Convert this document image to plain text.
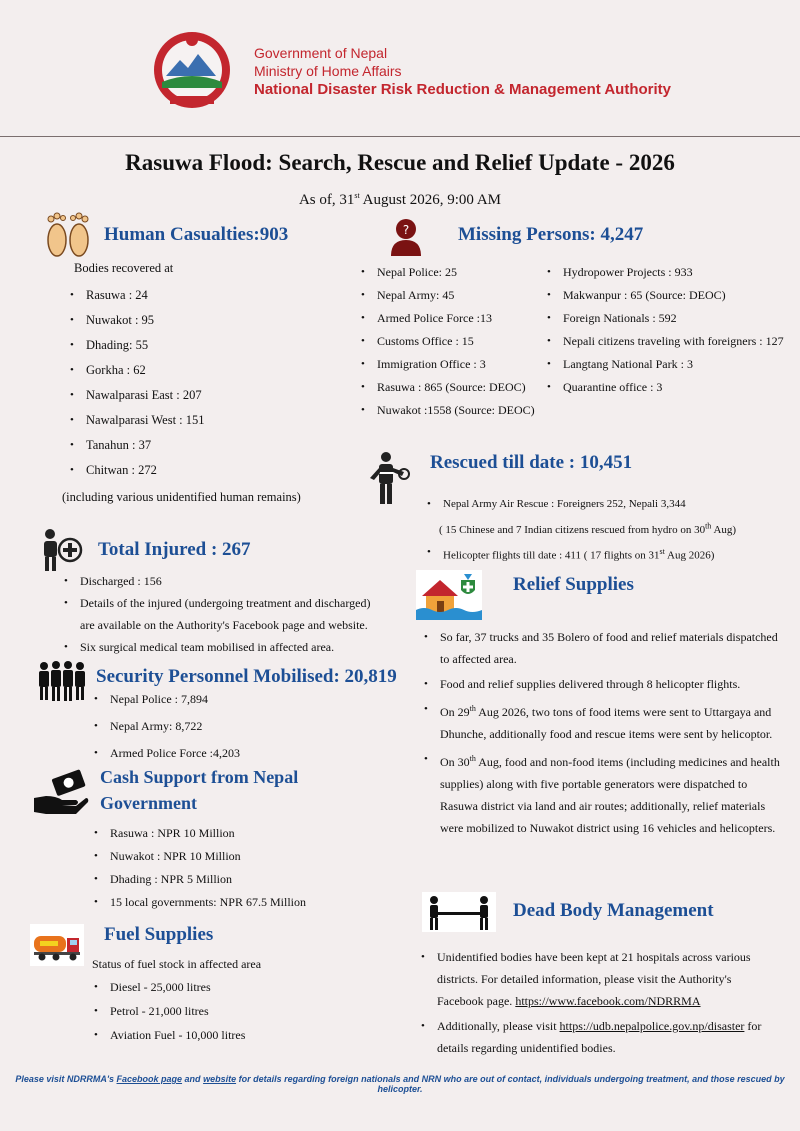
Government of Nepal
Ministry of Home Affairs
National Disaster Risk Reduction & Management Authority
Rasuwa Flood: Search, Rescue and Relief Update - 2026
As of, 31st August 2026, 9:00 AM
Human Casualties:903
Bodies recovered at
• Rasuwa : 24
• Nuwakot : 95
• Dhading: 55
• Gorkha : 62
• Nawalparasi East : 207
• Nawalparasi West : 151
• Tanahun : 37
• Chitwan : 272
(including various unidentified human remains)
?	Missing Persons: 4,247
• Nepal Police: 25
• Nepal Army: 45
• Armed Police Force :13
• Customs Office : 15
• Immigration Office : 3
• Rasuwa : 865 (Source: DEOC)
• Nuwakot :1558 (Source: DEOC)
• Hydropower Projects : 933
• Makwanpur : 65 (Source: DEOC)
• Foreign Nationals : 592
• Nepali citizens traveling with foreigners : 127
• Langtang National Park : 3
• Quarantine office : 3
Rescued till date : 10,451
• Nepal Army Air Rescue : Foreigners 252, Nepali 3,344
( 15 Chinese and 7 Indian citizens rescued from hydro on 30th Aug)
• Helicopter flights till date : 411 ( 17 flights on 31st Aug 2026)
Total Injured : 267
• Discharged : 156
• Details of the injured (undergoing treatment and discharged) are available on the Authority's Facebook page and website.
• Six surgical medical team mobilised in affected area.
Security Personnel Mobilised: 20,819
• Nepal Police : 7,894
• Nepal Army: 8,722
• Armed Police Force :4,203
Cash Support from Nepal
Government
• Rasuwa : NPR 10 Million
• Nuwakot : NPR 10 Million
• Dhading : NPR 5 Million
• 15 local governments: NPR 67.5 Million
Fuel Supplies
Status of fuel stock in affected area
• Diesel - 25,000 litres
• Petrol - 21,000 litres
• Aviation Fuel - 10,000 litres
Relief Supplies
• So far, 37 trucks and 35 Bolero of food and relief materials dispatched to affected area.
• Food and relief supplies delivered through 8 helicopter flights.
• On 29th Aug 2026, two tons of food items were sent to Uttargaya and Dhunche, additionally food and rescue items were sent by helicoptor.
• On 30th Aug, food and non-food items (including medicines and health supplies) along with five portable generators were dispatched to Rasuwa district via land and air routes; additionally, relief materials were mobilized to Nuwakot district using 16 vehicles and helicopters.
Dead Body Management
• Unidentified bodies have been kept at 21 hospitals across various districts. For detailed information, please visit the Authority's Facebook page. https://www.facebook.com/NDRRMA
• Additionally, please visit https://udb.nepalpolice.gov.np/disaster for details regarding unidentified bodies.
Please visit NDRRMA's Facebook page and website for details regarding foreign nationals and NRN who are out of contact, individuals undergoing treatment, and those rescued by helicopter.
